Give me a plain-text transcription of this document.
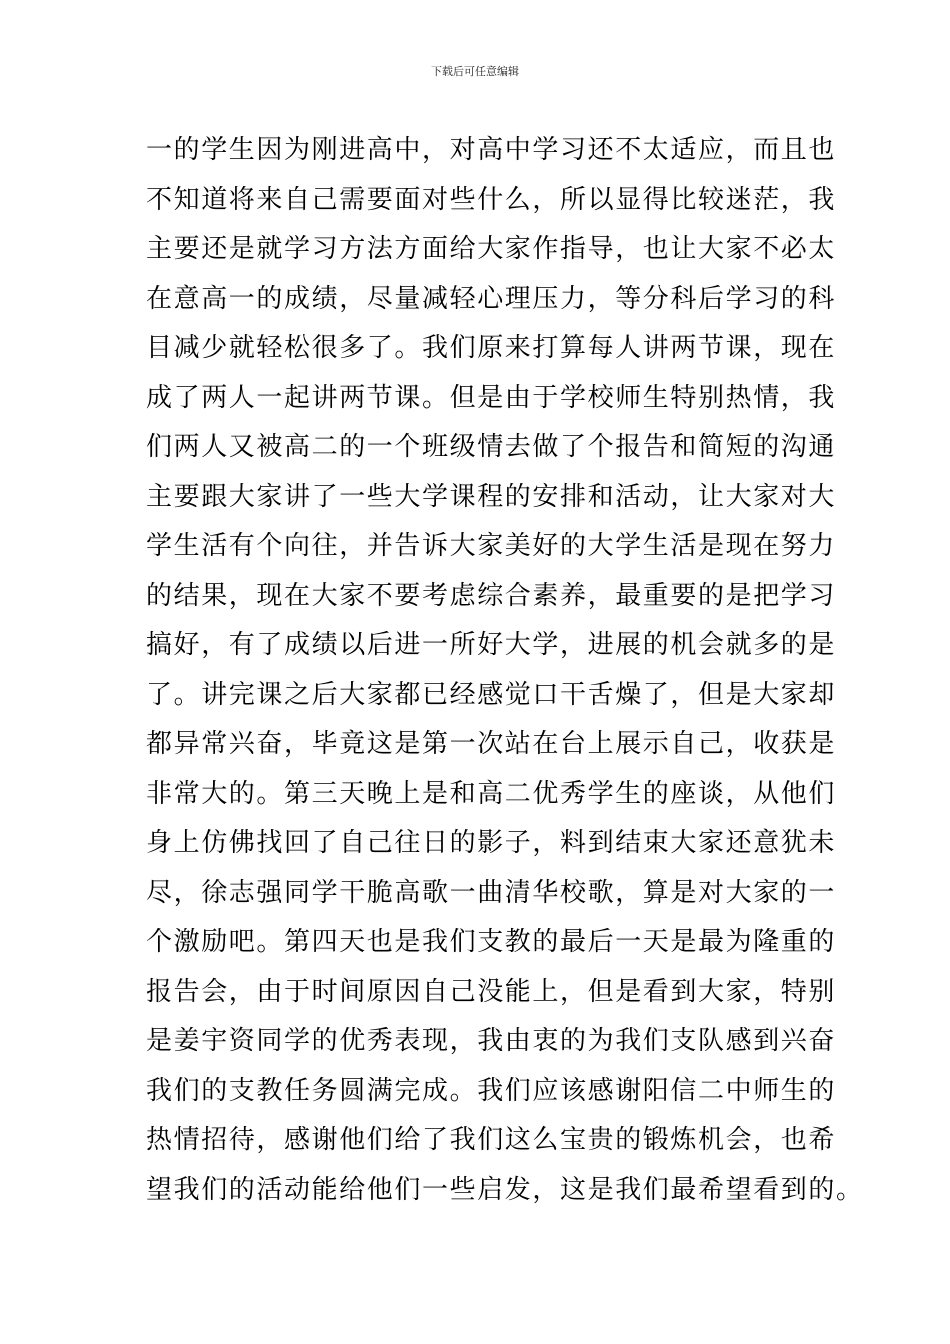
下载后可任意编辑
一的学生因为刚进高中，对高中学习还不太适应，而且也
不知道将来自己需要面对些什么，所以显得比较迷茫，我
主要还是就学习方法方面给大家作指导，也让大家不必太
在意高一的成绩，尽量减轻心理压力，等分科后学习的科
目减少就轻松很多了。我们原来打算每人讲两节课，现在
成了两人一起讲两节课。但是由于学校师生特别热情，我
们两人又被高二的一个班级情去做了个报告和简短的沟通
主要跟大家讲了一些大学课程的安排和活动，让大家对大
学生活有个向往，并告诉大家美好的大学生活是现在努力
的结果，现在大家不要考虑综合素养，最重要的是把学习
搞好，有了成绩以后进一所好大学，进展的机会就多的是
了。讲完课之后大家都已经感觉口干舌燥了，但是大家却
都异常兴奋，毕竟这是第一次站在台上展示自己，收获是
非常大的。第三天晚上是和高二优秀学生的座谈，从他们
身上仿佛找回了自己往日的影子，料到结束大家还意犹未
尽，徐志强同学干脆高歌一曲清华校歌，算是对大家的一
个激励吧。第四天也是我们支教的最后一天是最为隆重的
报告会，由于时间原因自己没能上，但是看到大家，特别
是姜宇资同学的优秀表现，我由衷的为我们支队感到兴奋
我们的支教任务圆满完成。我们应该感谢阳信二中师生的
热情招待，感谢他们给了我们这么宝贵的锻炼机会，也希
望我们的活动能给他们一些启发，这是我们最希望看到的。
